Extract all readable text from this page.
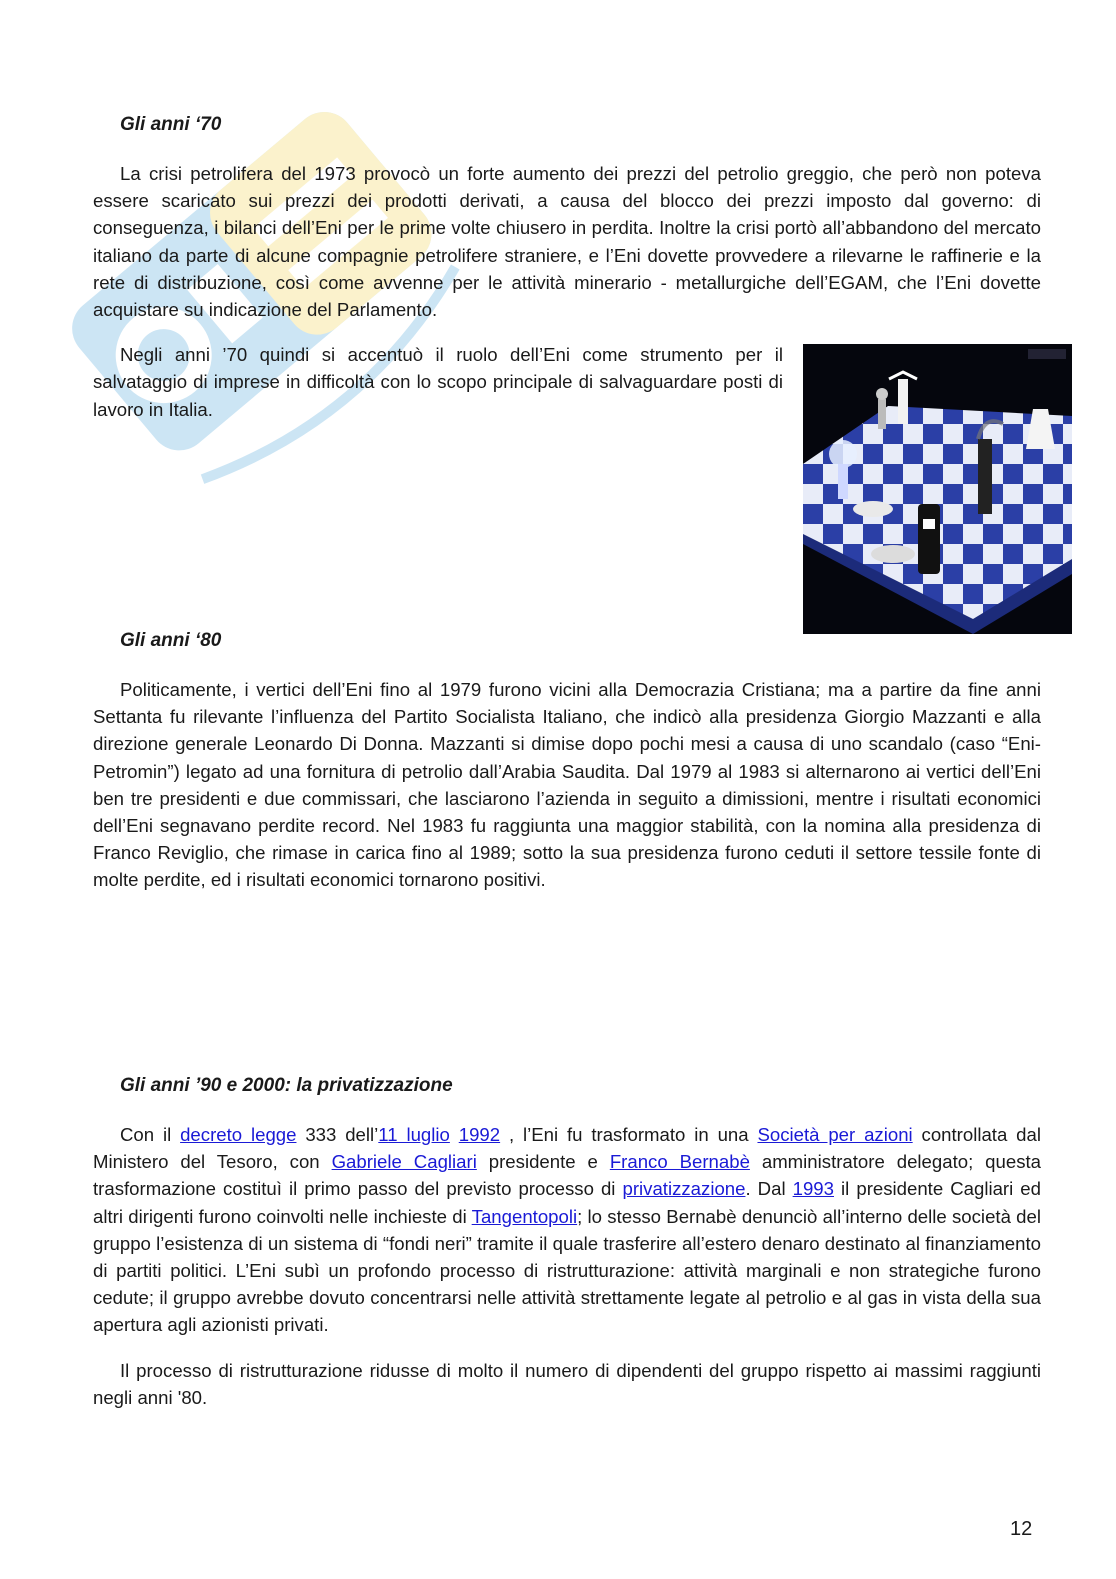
Gli anni ‘70

La crisi petrolifera del 1973 provocò un forte aumento dei prezzi del petrolio greggio, che però non poteva essere scaricato sui prezzi dei prodotti derivati, a causa del blocco dei prezzi imposto dal governo: di conseguenza, i bilanci dell’Eni per le prime volte chiusero in perdita. Inoltre la crisi portò all’abbandono del mercato italiano da parte di alcune compagnie petrolifere straniere, e l’Eni dovette provvedere a rilevarne le raffinerie e la rete di distribuzione, così come avvenne per le attività minerario - metallurgiche dell’EGAM, che l’Eni dovette acquistare su indicazione del Parlamento.

Negli anni ’70 quindi si accentuò il ruolo dell’Eni come strumento per il salvataggio di imprese in difficoltà con lo scopo principale di salvaguardare posti di lavoro in Italia.

Gli anni ‘80

Politicamente, i vertici dell’Eni fino al 1979 furono vicini alla Democrazia Cristiana; ma a partire da fine anni Settanta fu rilevante l’influenza del Partito Socialista Italiano, che indicò alla presidenza Giorgio Mazzanti e alla direzione generale Leonardo Di Donna. Mazzanti si dimise dopo pochi mesi a causa di uno scandalo (caso “Eni-Petromin”) legato ad una fornitura di petrolio dall’Arabia Saudita. Dal 1979 al 1983 si alternarono ai vertici dell’Eni ben tre presidenti e due commissari, che lasciarono l’azienda in seguito a dimissioni, mentre i risultati economici dell’Eni segnavano perdite record. Nel 1983 fu raggiunta una maggior stabilità, con la nomina alla presidenza di Franco Reviglio, che rimase in carica fino al 1989; sotto la sua presidenza furono ceduti il settore tessile fonte di molte perdite, ed i risultati economici tornarono positivi.

Gli anni ’90 e 2000: la privatizzazione

Con il decreto legge 333 dell’11 luglio 1992 , l’Eni fu trasformato in una Società per azioni controllata dal Ministero del Tesoro, con Gabriele Cagliari presidente e Franco Bernabè amministratore delegato; questa trasformazione costituì il primo passo del previsto processo di privatizzazione. Dal 1993 il presidente Cagliari ed altri dirigenti furono coinvolti nelle inchieste di Tangentopoli; lo stesso Bernabè denunciò all’interno delle società del gruppo l’esistenza di un sistema di “fondi neri” tramite il quale trasferire all’estero denaro destinato al finanziamento di partiti politici. L’Eni subì un profondo processo di ristrutturazione: attività marginali e non strategiche furono cedute; il gruppo avrebbe dovuto concentrarsi nelle attività strettamente legate al petrolio e al gas in vista della sua apertura agli azionisti privati.

Il processo di ristrutturazione ridusse di molto il numero di dipendenti del gruppo rispetto ai massimi raggiunti negli anni '80.

12
